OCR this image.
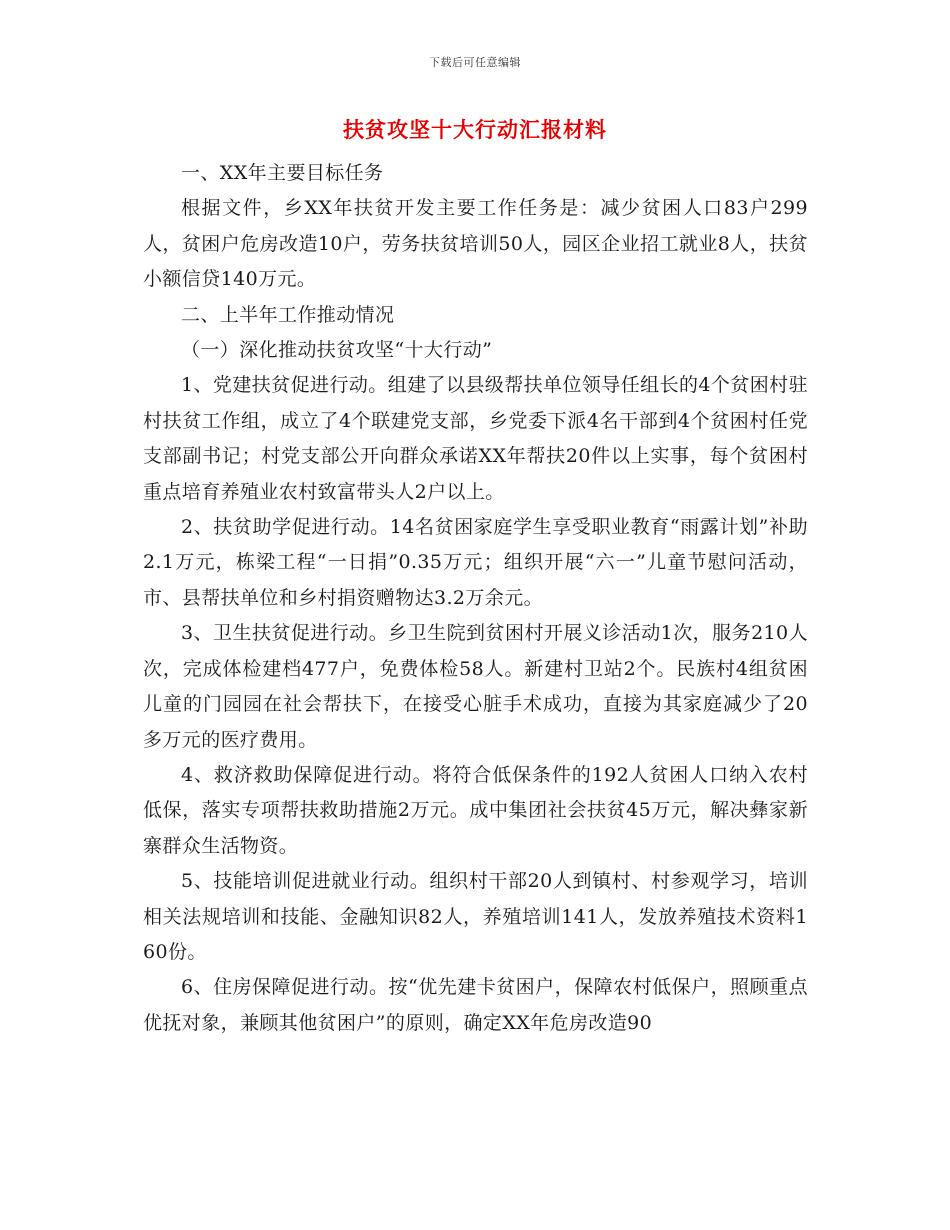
下载后可任意编辑
扶贫攻坚十大行动汇报材料

一、XX年主要目标任务

根据文件，乡XX年扶贫开发主要工作任务是：减少贫困人口83户299人，贫困户危房改造10户，劳务扶贫培训50人，园区企业招工就业8人，扶贫小额信贷140万元。

二、上半年工作推动情况

（一）深化推动扶贫攻坚“十大行动”

1、党建扶贫促进行动。组建了以县级帮扶单位领导任组长的4个贫困村驻村扶贫工作组，成立了4个联建党支部，乡党委下派4名干部到4个贫困村任党支部副书记；村党支部公开向群众承诺XX年帮扶20件以上实事，每个贫困村重点培育养殖业农村致富带头人2户以上。

2、扶贫助学促进行动。14名贫困家庭学生享受职业教育“雨露计划”补助2.1万元，栋梁工程“一日捐”0.35万元；组织开展“六一”儿童节慰问活动，市、县帮扶单位和乡村捐资赠物达3.2万余元。

3、卫生扶贫促进行动。乡卫生院到贫困村开展义诊活动1次，服务210人次，完成体检建档477户，免费体检58人。新建村卫站2个。民族村4组贫困儿童的门园园在社会帮扶下，在接受心脏手术成功，直接为其家庭减少了20多万元的医疗费用。

4、救济救助保障促进行动。将符合低保条件的192人贫困人口纳入农村低保，落实专项帮扶救助措施2万元。成中集团社会扶贫45万元，解决彝家新寨群众生活物资。

5、技能培训促进就业行动。组织村干部20人到镇村、村参观学习，培训相关法规培训和技能、金融知识82人，养殖培训141人，发放养殖技术资料160份。

6、住房保障促进行动。按“优先建卡贫困户，保障农村低保户，照顾重点优抚对象，兼顾其他贫困户”的原则，确定XX年危房改造90
